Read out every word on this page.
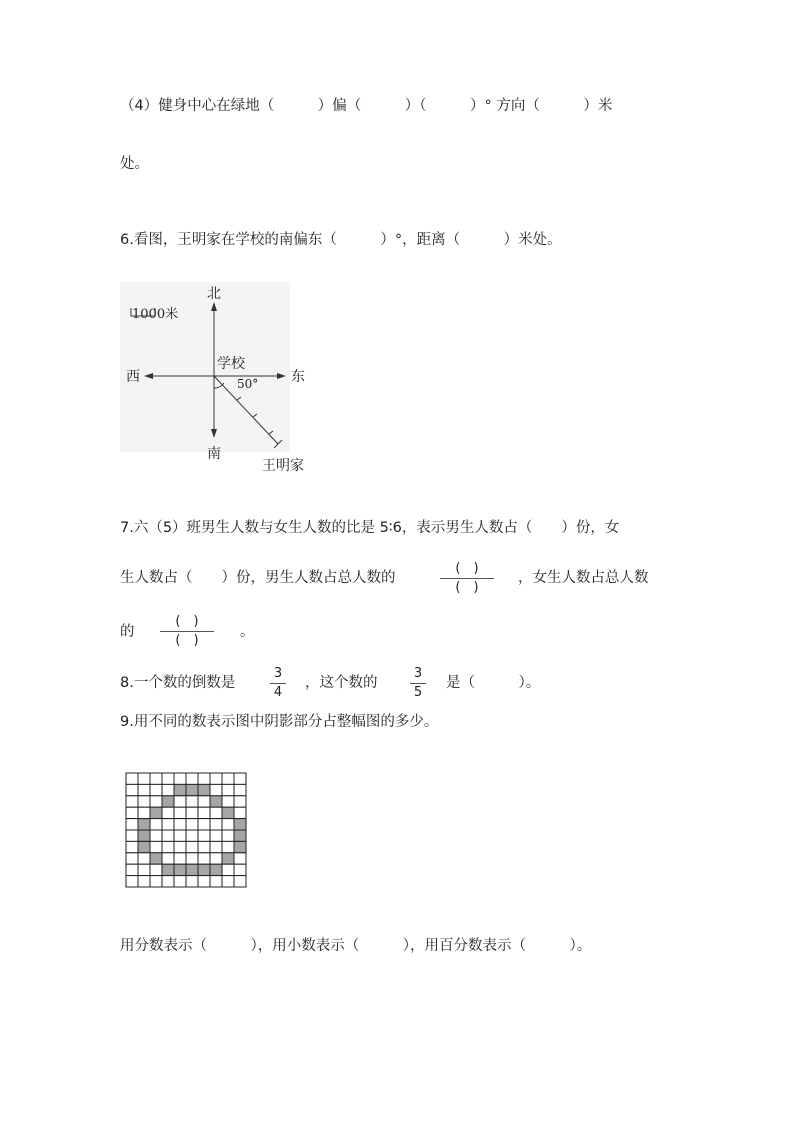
（4）健身中心在绿地（　　　）偏（　　　）（　　　）° 方向（　　　）米
处。
6.看图，王明家在学校的南偏东（　　　）°，距离（　　　）米处。
1000米
北
南
西	东
学校
50°
王明家
7.六（5）班男生人数与女生人数的比是 5∶6，表示男生人数占（　　）份，女
生人数占（　　）份，男生人数占总人数的
(　)
(　)
，女生人数占总人数
的
(　)
(　)
。
8.一个数的倒数是
3
4
，这个数的
3
5
是（　　　）。
9.用不同的数表示图中阴影部分占整幅图的多少。
用分数表示（　　　），用小数表示（　　　），用百分数表示（　　　）。
